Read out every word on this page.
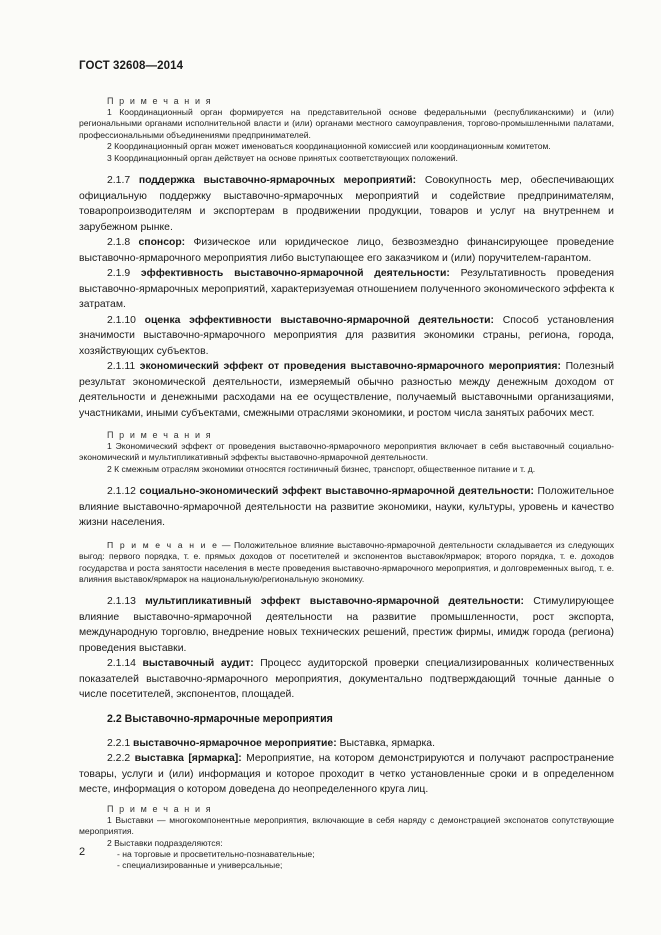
ГОСТ 32608—2014
П р и м е ч а н и я
1 Координационный орган формируется на представительной основе федеральными (республиканскими) и (или) региональными органами исполнительной власти и (или) органами местного самоуправления, торгово-промышленными палатами, профессиональными объединениями предпринимателей.
2 Координационный орган может именоваться координационной комиссией или координационным комитетом.
3 Координационный орган действует на основе принятых соответствующих положений.

2.1.7 поддержка выставочно-ярмарочных мероприятий: Совокупность мер, обеспечивающих официальную поддержку выставочно-ярмарочных мероприятий и содействие предпринимателям, товаропроизводителям и экспортерам в продвижении продукции, товаров и услуг на внутреннем и зарубежном рынке.

2.1.8 спонсор: Физическое или юридическое лицо, безвозмездно финансирующее проведение выставочно-ярмарочного мероприятия либо выступающее его заказчиком и (или) поручителем-гарантом.

2.1.9 эффективность выставочно-ярмарочной деятельности: Результативность проведения выставочно-ярмарочных мероприятий, характеризуемая отношением полученного экономического эффекта к затратам.

2.1.10 оценка эффективности выставочно-ярмарочной деятельности: Способ установления значимости выставочно-ярмарочного мероприятия для развития экономики страны, региона, города, хозяйствующих субъектов.

2.1.11 экономический эффект от проведения выставочно-ярмарочного мероприятия: Полезный результат экономической деятельности, измеряемый обычно разностью между денежным доходом от деятельности и денежными расходами на ее осуществление, получаемый выставочными организациями, участниками, иными субъектами, смежными отраслями экономики, и ростом числа занятых рабочих мест.

П р и м е ч а н и я
1 Экономический эффект от проведения выставочно-ярмарочного мероприятия включает в себя выставочный социально-экономический и мультипликативный эффекты выставочно-ярмарочной деятельности.
2 К смежным отраслям экономики относятся гостиничный бизнес, транспорт, общественное питание и т. д.

2.1.12 социально-экономический эффект выставочно-ярмарочной деятельности: Положительное влияние выставочно-ярмарочной деятельности на развитие экономики, науки, культуры, уровень и качество жизни населения.

П р и м е ч а н и е — Положительное влияние выставочно-ярмарочной деятельности складывается из следующих выгод: первого порядка, т. е. прямых доходов от посетителей и экспонентов выставок/ярмарок; второго порядка, т. е. доходов государства и роста занятости населения в месте проведения выставочно-ярмарочного мероприятия, и долговременных выгод, т. е. влияния выставок/ярмарок на национальную/региональную экономику.

2.1.13 мультипликативный эффект выставочно-ярмарочной деятельности: Стимулирующее влияние выставочно-ярмарочной деятельности на развитие промышленности, рост экспорта, международную торговлю, внедрение новых технических решений, престиж фирмы, имидж города (региона) проведения выставки.

2.1.14 выставочный аудит: Процесс аудиторской проверки специализированных количественных показателей выставочно-ярмарочного мероприятия, документально подтверждающий точные данные о числе посетителей, экспонентов, площадей.

2.2 Выставочно-ярмарочные мероприятия

2.2.1 выставочно-ярмарочное мероприятие: Выставка, ярмарка.

2.2.2 выставка [ярмарка]: Мероприятие, на котором демонстрируются и получают распространение товары, услуги и (или) информация и которое проходит в четко установленные сроки и в определенном месте, информация о котором доведена до неопределенного круга лиц.

П р и м е ч а н и я
1 Выставки — многокомпонентные мероприятия, включающие в себя наряду с демонстрацией экспонатов сопутствующие мероприятия.
2 Выставки подразделяются:
- на торговые и просветительно-познавательные;
- специализированные и универсальные;
2
